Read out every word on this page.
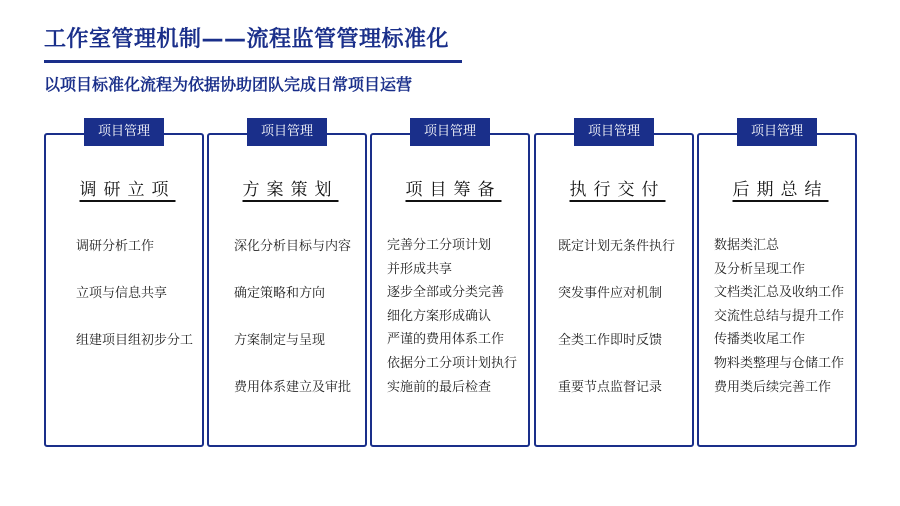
工作室管理机制——流程监管管理标准化
以项目标准化流程为依据协助团队完成日常项目运营
调研立项
调研分析工作
立项与信息共享
组建项目组初步分工
项目管理
方案策划
深化分析目标与内容
确定策略和方向
方案制定与呈现
费用体系建立及审批
项目管理
项目筹备
完善分工分项计划
并形成共享
逐步全部或分类完善
细化方案形成确认
严谨的费用体系工作
依据分工分项计划执行
实施前的最后检查
项目管理
执行交付
既定计划无条件执行
突发事件应对机制
全类工作即时反馈
重要节点监督记录
项目管理
后期总结
数据类汇总
及分析呈现工作
文档类汇总及收纳工作
交流性总结与提升工作
传播类收尾工作
物料类整理与仓储工作
费用类后续完善工作
项目管理
